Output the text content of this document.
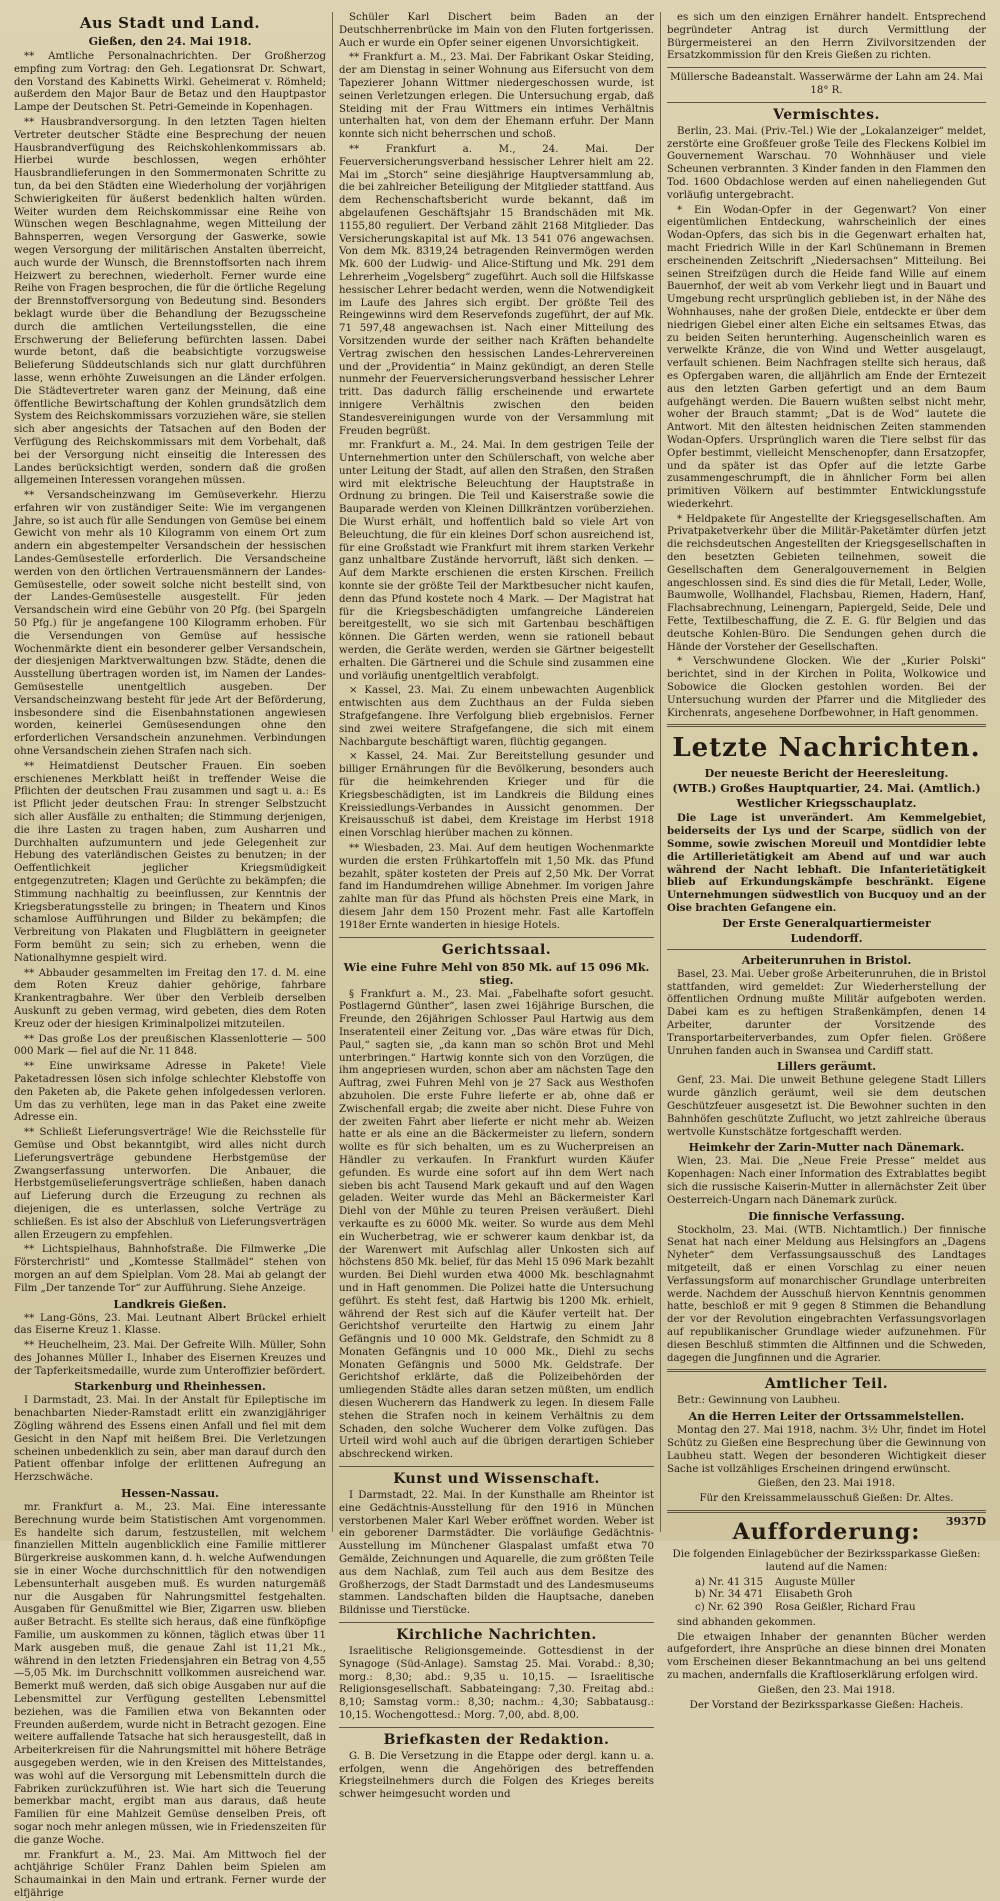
Aus Stadt und Land.
Gießen, den 24. Mai 1918.

** Amtliche Personalnachrichten. Der Großherzog empfing zum Vortrag: den Geh. Legationsrat Dr. Schwart, den Vorstand des Kabinetts Wirkl. Geheimerat v. Römheld; außerdem den Major Baur de Betaz und den Hauptpastor Lampe der Deutschen St. Petri-Gemeinde in Kopenhagen.

** Hausbrandversorgung. In den letzten Tagen hielten Vertreter deutscher Städte eine Besprechung der neuen Hausbrandverfügung des Reichskohlenkommissars ab. Hierbei wurde beschlossen, wegen erhöhter Hausbrandlieferungen in den Sommermonaten Schritte zu tun, da bei den Städten eine Wiederholung der vorjährigen Schwierigkeiten für äußerst bedenklich halten würden. Weiter wurden dem Reichskommissar eine Reihe von Wünschen wegen Beschlagnahme, wegen Mitteilung der Bahnsperren, wegen Versorgung der Gaswerke, sowie wegen Versorgung der militärischen Anstalten überreicht, auch wurde der Wunsch, die Brennstoffsorten nach ihrem Heizwert zu berechnen, wiederholt. Ferner wurde eine Reihe von Fragen besprochen, die für die örtliche Regelung der Brennstoffversorgung von Bedeutung sind. Besonders beklagt wurde über die Behandlung der Bezugsscheine durch die amtlichen Verteilungsstellen, die eine Erschwerung der Belieferung befürchten lassen. Dabei wurde betont, daß die beabsichtigte vorzugsweise Belieferung Süddeutschlands sich nur glatt durchführen lasse, wenn erhöhte Zuweisungen an die Länder erfolgen. Die Städtevertreter waren ganz der Meinung, daß eine öffentliche Bewirtschaftung der Kohlen grundsätzlich dem System des Reichskommissars vorzuziehen wäre, sie stellen sich aber angesichts der Tatsachen auf den Boden der Verfügung des Reichskommissars mit dem Vorbehalt, daß bei der Versorgung nicht einseitig die Interessen des Landes berücksichtigt werden, sondern daß die großen allgemeinen Interessen vorangehen müssen.

** Versandscheinzwang im Gemüseverkehr. Hierzu erfahren wir von zuständiger Seite: Wie im vergangenen Jahre, so ist auch für alle Sendungen von Gemüse bei einem Gewicht von mehr als 10 Kilogramm von einem Ort zum andern ein abgestempelter Versandschein der hessischen Landes-Gemüsestelle erforderlich. Die Versandscheine werden von den örtlichen Vertrauensmännern der Landes-Gemüsestelle, oder soweit solche nicht bestellt sind, von der Landes-Gemüsestelle ausgestellt. Für jeden Versandschein wird eine Gebühr von 20 Pfg. (bei Spargeln 50 Pfg.) für je angefangene 100 Kilogramm erhoben. Für die Versendungen von Gemüse auf hessische Wochenmärkte dient ein besonderer gelber Versandschein, der diesjenigen Marktverwaltungen bzw. Städte, denen die Ausstellung übertragen worden ist, im Namen der Landes-Gemüsestelle unentgeltlich ausgeben. Der Versandscheinzwang besteht für jede Art der Beförderung, insbesondere sind die Eisenbahnstationen angewiesen worden, keinerlei Gemüsesendungen ohne den erforderlichen Versandschein anzunehmen. Verbindungen ohne Versandschein ziehen Strafen nach sich.

** Heimatdienst Deutscher Frauen. Ein soeben erschienenes Merkblatt heißt in treffender Weise die Pflichten der deutschen Frau zusammen und sagt u. a.: Es ist Pflicht jeder deutschen Frau: In strenger Selbstzucht sich aller Ausfälle zu enthalten; die Stimmung derjenigen, die ihre Lasten zu tragen haben, zum Ausharren und Durchhalten aufzumuntern und jede Gelegenheit zur Hebung des vaterländischen Geistes zu benutzen; in der Oeffentlichkeit jeglicher Kriegsmüdigkeit entgegenzutreten; Klagen und Gerüchte zu bekämpfen; die Stimmung nachhaltig zu beeinflussen, zur Kenntnis der Kriegsberatungsstelle zu bringen; in Theatern und Kinos schamlose Aufführungen und Bilder zu bekämpfen; die Verbreitung von Plakaten und Flugblättern in geeigneter Form bemüht zu sein; sich zu erheben, wenn die Nationalhymne gespielt wird.

** Abbauder gesammelten im Freitag den 17. d. M. eine dem Roten Kreuz dahier gehörige, fahrbare Krankentragbahre. Wer über den Verbleib derselben Auskunft zu geben vermag, wird gebeten, dies dem Roten Kreuz oder der hiesigen Kriminalpolizei mitzuteilen.

** Das große Los der preußischen Klassenlotterie — 500 000 Mark — fiel auf die Nr. 11 848.

** Eine unwirksame Adresse in Pakete! Viele Paketadressen lösen sich infolge schlechter Klebstoffe von den Paketen ab, die Pakete gehen infolgedessen verloren. Um das zu verhüten, lege man in das Paket eine zweite Adresse ein.

** Schließt Lieferungsverträge! Wie die Reichsstelle für Gemüse und Obst bekanntgibt, wird alles nicht durch Lieferungsverträge gebundene Herbstgemüse der Zwangserfassung unterworfen. Die Anbauer, die Herbstgemüselieferungsverträge schließen, haben danach auf Lieferung durch die Erzeugung zu rechnen als diejenigen, die es unterlassen, solche Verträge zu schließen. Es ist also der Abschluß von Lieferungsverträgen allen Erzeugern zu empfehlen.

** Lichtspielhaus, Bahnhofstraße. Die Filmwerke „Die Försterchristl“ und „Komtesse Stallmädel“ stehen von morgen an auf dem Spielplan. Vom 28. Mai ab gelangt der Film „Der tanzende Tor“ zur Aufführung. Siehe Anzeige.

Landkreis Gießen.

** Lang-Göns, 23. Mai. Leutnant Albert Brückel erhielt das Eiserne Kreuz 1. Klasse.

** Heuchelheim, 23. Mai. Der Gefreite Wilh. Müller, Sohn des Johannes Müller I., Inhaber des Eisernen Kreuzes und der Tapferkeitsmedaille, wurde zum Unteroffizier befördert.

Starkenburg und Rheinhessen.

I Darmstadt, 23. Mai. In der Anstalt für Epileptische im benachbarten Nieder-Ramstadt erlitt ein zwanzigjähriger Zögling während des Essens einen Anfall und fiel mit dem Gesicht in den Napf mit heißem Brei. Die Verletzungen scheinen unbedenklich zu sein, aber man darauf durch den Patient offenbar infolge der erlittenen Aufregung an Herzschwäche.

Hessen-Nassau.

mr. Frankfurt a. M., 23. Mai. Eine interessante Berechnung wurde beim Statistischen Amt vorgenommen. Es handelte sich darum, festzustellen, mit welchem finanziellen Mitteln augenblicklich eine Familie mittlerer Bürgerkreise auskommen kann, d. h. welche Aufwendungen sie in einer Woche durchschnittlich für den notwendigen Lebensunterhalt ausgeben muß. Es wurden naturgemäß nur die Ausgaben für Nahrungsmittel festgehalten. Ausgaben für Genußmittel wie Bier, Zigarren usw. blieben außer Betracht. Es stellte sich heraus, daß eine fünfköpfige Familie, um auskommen zu können, täglich etwas über 11 Mark ausgeben muß, die genaue Zahl ist 11,21 Mk., während in den letzten Friedensjahren ein Betrag von 4,55—5,05 Mk. im Durchschnitt vollkommen ausreichend war. Bemerkt muß werden, daß sich obige Ausgaben nur auf die Lebensmittel zur Verfügung gestellten Lebensmittel beziehen, was die Familien etwa von Bekannten oder Freunden außerdem, wurde nicht in Betracht gezogen. Eine weitere auffallende Tatsache hat sich herausgestellt, daß in Arbeiterkreisen für die Nahrungsmittel mit höhere Beträge ausgegeben werden, wie in den Kreisen des Mittelstandes, was wohl auf die Versorgung mit Lebensmitteln durch die Fabriken zurückzuführen ist. Wie hart sich die Teuerung bemerkbar macht, ergibt man aus daraus, daß heute Familien für eine Mahlzeit Gemüse denselben Preis, oft sogar noch mehr anlegen müssen, wie in Friedenszeiten für die ganze Woche.

mr. Frankfurt a. M., 23. Mai. Am Mittwoch fiel der achtjährige Schüler Franz Dahlen beim Spielen am Schaumainkai in den Main und ertrank. Ferner wurde der elfjährige

Schüler Karl Dischert beim Baden an der Deutschherrenbrücke im Main von den Fluten fortgerissen. Auch er wurde ein Opfer seiner eigenen Unvorsichtigkeit.

** Frankfurt a. M., 23. Mai. Der Fabrikant Oskar Steiding, der am Dienstag in seiner Wohnung aus Eifersucht von dem Tapezierer Johann Wittmer niedergeschossen wurde, ist seinen Verletzungen erlegen. Die Untersuchung ergab, daß Steiding mit der Frau Wittmers ein intimes Verhältnis unterhalten hat, von dem der Ehemann erfuhr. Der Mann konnte sich nicht beherrschen und schoß.

** Frankfurt a. M., 24. Mai. Der Feuerversicherungsverband hessischer Lehrer hielt am 22. Mai im „Storch“ seine diesjährige Hauptversammlung ab, die bei zahlreicher Beteiligung der Mitglieder stattfand. Aus dem Rechenschaftsbericht wurde bekannt, daß im abgelaufenen Geschäftsjahr 15 Brandschäden mit Mk. 1155,80 reguliert. Der Verband zählt 2168 Mitglieder. Das Versicherungskapital ist auf Mk. 13 541 076 angewachsen. Von dem Mk. 8319,24 betragenden Reinvermögen werden Mk. 600 der Ludwig- und Alice-Stiftung und Mk. 291 dem Lehrerheim „Vogelsberg“ zugeführt. Auch soll die Hilfskasse hessischer Lehrer bedacht werden, wenn die Notwendigkeit im Laufe des Jahres sich ergibt. Der größte Teil des Reingewinns wird dem Reservefonds zugeführt, der auf Mk. 71 597,48 angewachsen ist. Nach einer Mitteilung des Vorsitzenden wurde der seither nach Kräften behandelte Vertrag zwischen den hessischen Landes-Lehrervereinen und der „Providentia“ in Mainz gekündigt, an deren Stelle nunmehr der Feuerversicherungsverband hessischer Lehrer tritt. Das dadurch fällig erscheinende und erwartete innigere Verhältnis zwischen den beiden Standesvereinigungen wurde von der Versammlung mit Freuden begrüßt.

mr. Frankfurt a. M., 24. Mai. In dem gestrigen Teile der Unternehmertion unter den Schülerschaft, von welche aber unter Leitung der Stadt, auf allen den Straßen, den Straßen wird mit elektrische Beleuchtung der Hauptstraße in Ordnung zu bringen. Die Teil und Kaiserstraße sowie die Bauparade werden von Kleinen Dillkräntzen vorüberziehen. Die Wurst erhält, und hoffentlich bald so viele Art von Beleuchtung, die für ein kleines Dorf schon ausreichend ist, für eine Großstadt wie Frankfurt mit ihrem starken Verkehr ganz unhaltbare Zustände hervorruft, läßt sich denken. — Auf dem Markte erschienen die ersten Kirschen. Freilich konnte sie der größte Teil der Marktbesucher nicht kaufen, denn das Pfund kostete noch 4 Mark. — Der Magistrat hat für die Kriegsbeschädigten umfangreiche Ländereien bereitgestellt, wo sie sich mit Gartenbau beschäftigen können. Die Gärten werden, wenn sie rationell bebaut werden, die Geräte werden, werden sie Gärtner beigestellt erhalten. Die Gärtnerei und die Schule sind zusammen eine und vorläufig unentgeltlich verabfolgt.

× Kassel, 23. Mai. Zu einem unbewachten Augenblick entwischten aus dem Zuchthaus an der Fulda sieben Strafgefangene. Ihre Verfolgung blieb ergebnislos. Ferner sind zwei weitere Strafgefangene, die sich mit einem Nachbargute beschäftigt waren, flüchtig gegangen.

× Kassel, 24. Mai. Zur Bereitstellung gesunder und billiger Ernährungen für die Bevölkerung, besonders auch für die heimkehrenden Krieger und für die Kriegsbeschädigten, ist im Landkreis die Bildung eines Kreissiedlungs-Verbandes in Aussicht genommen. Der Kreisausschuß ist dabei, dem Kreistage im Herbst 1918 einen Vorschlag hierüber machen zu können.

** Wiesbaden, 23. Mai. Auf dem heutigen Wochenmarkte wurden die ersten Frühkartoffeln mit 1,50 Mk. das Pfund bezahlt, später kosteten der Preis auf 2,50 Mk. Der Vorrat fand im Handumdrehen willige Abnehmer. Im vorigen Jahre zahlte man für das Pfund als höchsten Preis eine Mark, in diesem Jahr dem 150 Prozent mehr. Fast alle Kartoffeln 1918er Ernte wanderten in hiesige Hotels.

Gerichtssaal.
Wie eine Fuhre Mehl von 850 Mk. auf 15 096 Mk. stieg.

§ Frankfurt a. M., 23. Mai. „Fabelhafte sofort gesucht. Postlagernd Günther“, lasen zwei 16jährige Burschen, die Freunde, den 26jährigen Schlosser Paul Hartwig aus dem Inseratenteil einer Zeitung vor. „Das wäre etwas für Dich, Paul,“ sagten sie, „da kann man so schön Brot und Mehl unterbringen.“ Hartwig konnte sich von den Vorzügen, die ihm angepriesen wurden, schon aber am nächsten Tage den Auftrag, zwei Fuhren Mehl von je 27 Sack aus Westhofen abzuholen. Die erste Fuhre lieferte er ab, ohne daß er Zwischenfall ergab; die zweite aber nicht. Diese Fuhre von der zweiten Fahrt aber lieferte er nicht mehr ab. Weizen hatte er als eine an die Bäckermeister zu liefern, sondern wollte es für sich behalten, um es zu Wucherpreisen an Händler zu verkaufen. In Frankfurt wurden Käufer gefunden. Es wurde eine sofort auf ihn dem Wert nach sieben bis acht Tausend Mark gekauft und auf den Wagen geladen. Weiter wurde das Mehl an Bäckermeister Karl Diehl von der Mühle zu teuren Preisen veräußert. Diehl verkaufte es zu 6000 Mk. weiter. So wurde aus dem Mehl ein Wucherbetrag, wie er schwerer kaum denkbar ist, da der Warenwert mit Aufschlag aller Unkosten sich auf höchstens 850 Mk. belief, für das Mehl 15 096 Mark bezahlt wurden. Bei Diehl wurden etwa 4000 Mk. beschlagnahmt und in Haft genommen. Die Polizei hatte die Untersuchung geführt. Es steht fest, daß Hartwig bis 1200 Mk. erhielt, während der Rest sich auf die Käufer verteilt hat. Der Gerichtshof verurteilte den Hartwig zu einem Jahr Gefängnis und 10 000 Mk. Geldstrafe, den Schmidt zu 8 Monaten Gefängnis und 10 000 Mk., Diehl zu sechs Monaten Gefängnis und 5000 Mk. Geldstrafe. Der Gerichtshof erklärte, daß die Polizeibehörden der umliegenden Städte alles daran setzen müßten, um endlich diesen Wucherern das Handwerk zu legen. In diesem Falle stehen die Strafen noch in keinem Verhältnis zu dem Schaden, den solche Wucherer dem Volke zufügen. Das Urteil wird wohl auch auf die übrigen derartigen Schieber abschreckend wirken.

Kunst und Wissenschaft.

I Darmstadt, 22. Mai. In der Kunsthalle am Rheintor ist eine Gedächtnis-Ausstellung für den 1916 in München verstorbenen Maler Karl Weber eröffnet worden. Weber ist ein geborener Darmstädter. Die vorläufige Gedächtnis-Ausstellung im Münchener Glaspalast umfaßt etwa 70 Gemälde, Zeichnungen und Aquarelle, die zum größten Teile aus dem Nachlaß, zum Teil auch aus dem Besitze des Großherzogs, der Stadt Darmstadt und des Landesmuseums stammen. Landschaften bilden die Hauptsache, daneben Bildnisse und Tierstücke.

Kirchliche Nachrichten.

Israelitische Religionsgemeinde. Gottesdienst in der Synagoge (Süd-Anlage). Samstag 25. Mai. Vorabd.: 8,30; morg.: 8,30; abd.: 9,35 u. 10,15. — Israelitische Religionsgesellschaft. Sabbateingang: 7,30. Freitag abd.: 8,10; Samstag vorm.: 8,30; nachm.: 4,30; Sabbatausg.: 10,15. Wochengottesd.: Morg. 7,00, abd. 8,00.

Briefkasten der Redaktion.

G. B. Die Versetzung in die Etappe oder dergl. kann u. a. erfolgen, wenn die Angehörigen des betreffenden Kriegsteilnehmers durch die Folgen des Krieges bereits schwer heimgesucht worden und

es sich um den einzigen Ernährer handelt. Entsprechend begründeter Antrag ist durch Vermittlung der Bürgermeisterei an den Herrn Zivilvorsitzenden der Ersatzkommission für den Kreis Gießen zu richten.

Müllersche Badeanstalt. Wasserwärme der Lahn am 24. Mai 18° R.

Vermischtes.

Berlin, 23. Mai. (Priv.-Tel.) Wie der „Lokalanzeiger“ meldet, zerstörte eine Großfeuer große Teile des Fleckens Kolbiel im Gouvernement Warschau. 70 Wohnhäuser und viele Scheunen verbrannten. 3 Kinder fanden in den Flammen den Tod. 1600 Obdachlose werden auf einen naheliegenden Gut vorläufig untergebracht.

* Ein Wodan-Opfer in der Gegenwart? Von einer eigentümlichen Entdeckung, wahrscheinlich der eines Wodan-Opfers, das sich bis in die Gegenwart erhalten hat, macht Friedrich Wille in der Karl Schünemann in Bremen erscheinenden Zeitschrift „Niedersachsen“ Mitteilung. Bei seinen Streifzügen durch die Heide fand Wille auf einem Bauernhof, der weit ab vom Verkehr liegt und in Bauart und Umgebung recht ursprünglich geblieben ist, in der Nähe des Wohnhauses, nahe der großen Diele, entdeckte er über dem niedrigen Giebel einer alten Eiche ein seltsames Etwas, das zu beiden Seiten herunterhing. Augenscheinlich waren es verwelkte Kränze, die von Wind und Wetter ausgelaugt, verfault schienen. Beim Nachfragen stellte sich heraus, daß es Opfergaben waren, die alljährlich am Ende der Erntezeit aus den letzten Garben gefertigt und an dem Baum aufgehängt werden. Die Bauern wußten selbst nicht mehr, woher der Brauch stammt; „Dat is de Wod“ lautete die Antwort. Mit den ältesten heidnischen Zeiten stammenden Wodan-Opfers. Ursprünglich waren die Tiere selbst für das Opfer bestimmt, vielleicht Menschenopfer, dann Ersatzopfer, und da später ist das Opfer auf die letzte Garbe zusammengeschrumpft, die in ähnlicher Form bei allen primitiven Völkern auf bestimmter Entwicklungsstufe wiederkehrt.

* Heldpakete für Angestellte der Kriegsgesellschaften. Am Privatpaketverkehr über die Militär-Paketämter dürfen jetzt die reichsdeutschen Angestellten der Kriegsgesellschaften in den besetzten Gebieten teilnehmen, soweit die Gesellschaften dem Generalgouvernement in Belgien angeschlossen sind. Es sind dies die für Metall, Leder, Wolle, Baumwolle, Wollhandel, Flachsbau, Riemen, Hadern, Hanf, Flachsabrechnung, Leinengarn, Papiergeld, Seide, Dele und Fette, Textilbeschaffung, die Z. E. G. für Belgien und das deutsche Kohlen-Büro. Die Sendungen gehen durch die Hände der Vorsteher der Gesellschaften.

* Verschwundene Glocken. Wie der „Kurier Polski“ berichtet, sind in der Kirchen in Polita, Wolkowice und Sobowice die Glocken gestohlen worden. Bei der Untersuchung wurden der Pfarrer und die Mitglieder des Kirchenrats, angesehene Dorfbewohner, in Haft genommen.

Letzte Nachrichten.
Der neueste Bericht der Heeresleitung.
(WTB.) Großes Hauptquartier, 24. Mai. (Amtlich.)
Westlicher Kriegsschauplatz.

Die Lage ist unverändert. Am Kemmelgebiet, beiderseits der Lys und der Scarpe, südlich von der Somme, sowie zwischen Moreuil und Montdidier lebte die Artillerietätigkeit am Abend auf und war auch während der Nacht lebhaft. Die Infanterietätigkeit blieb auf Erkundungskämpfe beschränkt. Eigene Unternehmungen südwestlich von Bucquoy und an der Oise brachten Gefangene ein.

Der Erste Generalquartiermeister
Ludendorff.
Arbeiterunruhen in Bristol.

Basel, 23. Mai. Ueber große Arbeiterunruhen, die in Bristol stattfanden, wird gemeldet: Zur Wiederherstellung der öffentlichen Ordnung mußte Militär aufgeboten werden. Dabei kam es zu heftigen Straßenkämpfen, denen 14 Arbeiter, darunter der Vorsitzende des Transportarbeiterverbandes, zum Opfer fielen. Größere Unruhen fanden auch in Swansea und Cardiff statt.

Lillers geräumt.

Genf, 23. Mai. Die unweit Bethune gelegene Stadt Lillers wurde gänzlich geräumt, weil sie dem deutschen Geschützfeuer ausgesetzt ist. Die Bewohner suchten in den Bahnhöfen geschützte Zuflucht, wo jetzt zahlreiche überaus wertvolle Kunstschätze fortgeschafft werden.

Heimkehr der Zarin-Mutter nach Dänemark.

Wien, 23. Mai. Die „Neue Freie Presse“ meldet aus Kopenhagen: Nach einer Information des Extrablattes begibt sich die russische Kaiserin-Mutter in allernächster Zeit über Oesterreich-Ungarn nach Dänemark zurück.

Die finnische Verfassung.

Stockholm, 23. Mai. (WTB. Nichtamtlich.) Der finnische Senat hat nach einer Meldung aus Helsingfors an „Dagens Nyheter“ dem Verfassungsausschuß des Landtages mitgeteilt, daß er einen Vorschlag zu einer neuen Verfassungsform auf monarchischer Grundlage unterbreiten werde. Nachdem der Ausschuß hiervon Kenntnis genommen hatte, beschloß er mit 9 gegen 8 Stimmen die Behandlung der vor der Revolution eingebrachten Verfassungsvorlagen auf republikanischer Grundlage wieder aufzunehmen. Für diesen Beschluß stimmten die Altfinnen und die Schweden, dagegen die Jungfinnen und die Agrarier.

Amtlicher Teil.

Betr.: Gewinnung von Laubheu.

An die Herren Leiter der Ortssammelstellen.

Montag den 27. Mai 1918, nachm. 3½ Uhr, findet im Hotel Schütz zu Gießen eine Besprechung über die Gewinnung von Laubheu statt. Wegen der besonderen Wichtigkeit dieser Sache ist vollzähliges Erscheinen dringend erwünscht.

Gießen, den 23. Mai 1918.

Für den Kreissammelausschuß Gießen: Dr. Altes.

Aufforderung:

Die folgenden Einlagebücher der Bezirkssparkasse Gießen: lautend auf die Namen:

a) Nr. 41 315 Auguste Müller
b) Nr. 34 471 Elisabeth Groh
c) Nr. 62 390 Rosa Geißler, Richard Frau

sind abhanden gekommen.

Die etwaigen Inhaber der genannten Bücher werden aufgefordert, ihre Ansprüche an diese binnen drei Monaten vom Erscheinen dieser Bekanntmachung an bei uns geltend zu machen, andernfalls die Kraftloserklärung erfolgen wird.

Gießen, den 23. Mai 1918.

Der Vorstand der Bezirkssparkasse Gießen: Hacheis.

3937D
